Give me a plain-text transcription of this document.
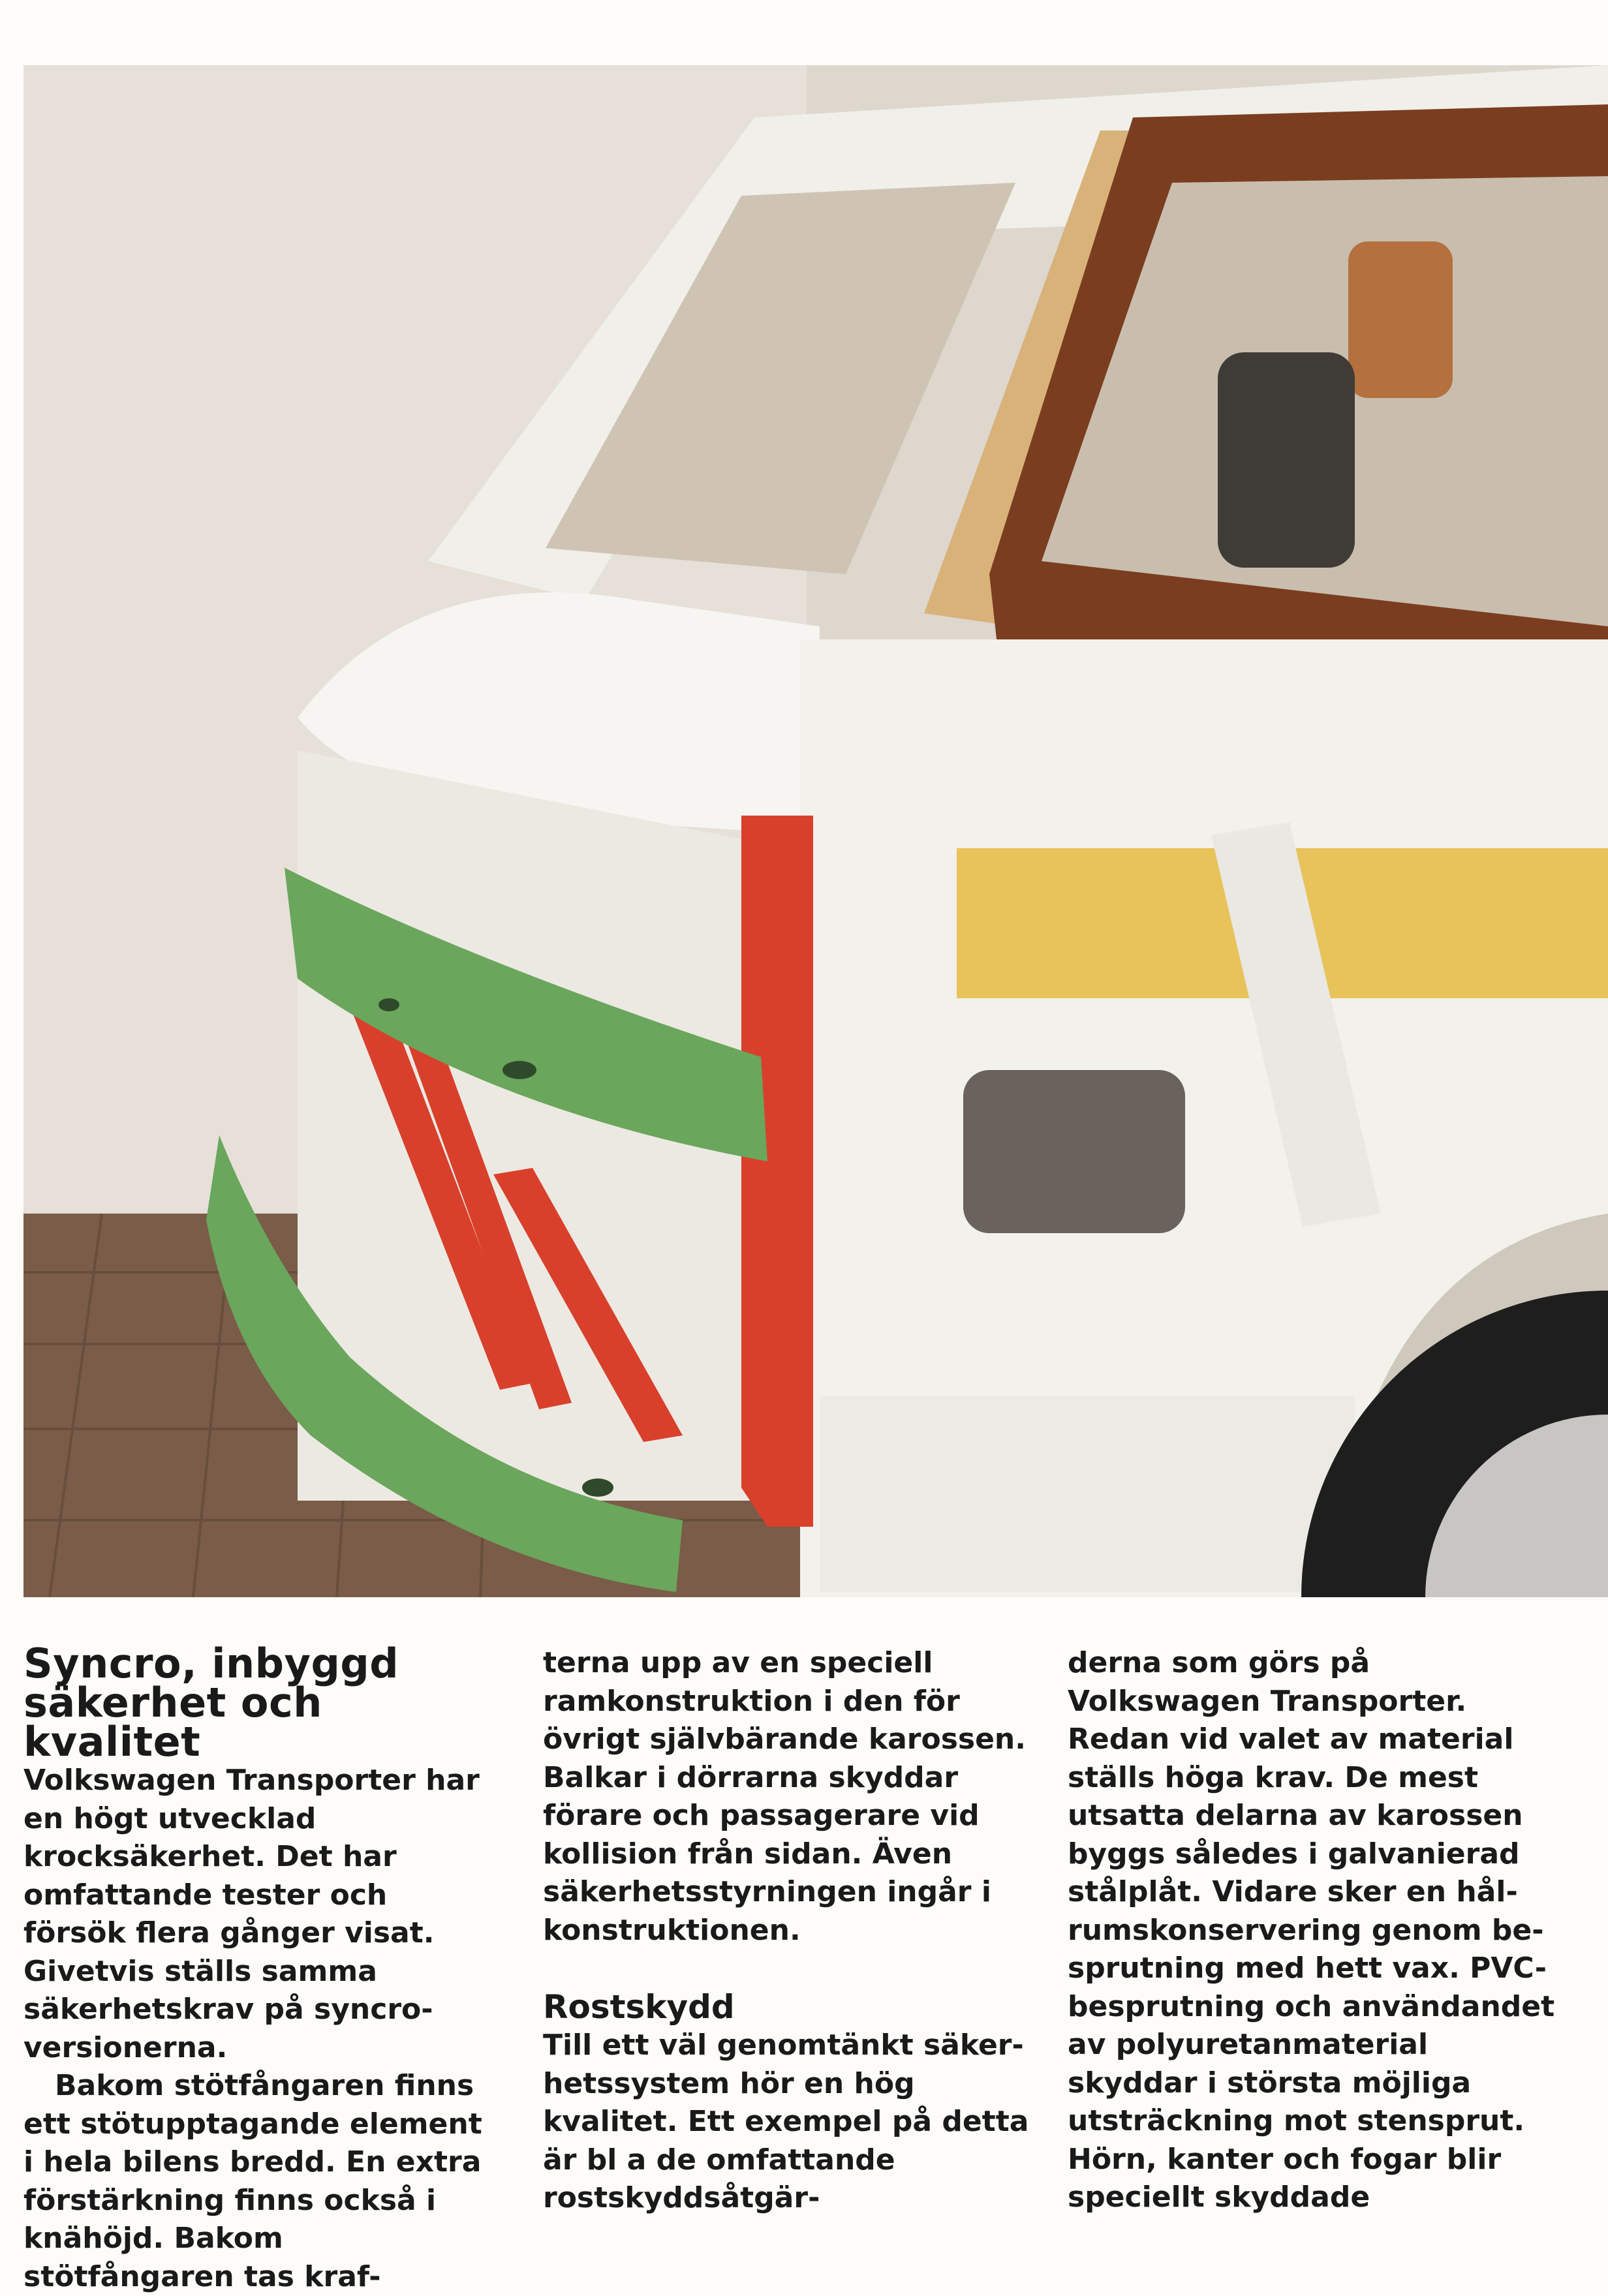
Syncro, inbyggd
säkerhet och kvalitet

Volkswagen Transporter har en högt utvecklad krocksäkerhet. Det har omfattande tester och försök flera gånger visat. Givetvis ställs samma säkerhetskrav på syncro-versionerna.

Bakom stötfångaren finns ett stötupptagande element i hela bilens bredd. En extra förstärkning finns också i knähöjd. Bakom stötfångaren tas kraf-

terna upp av en speciell ramkonstruktion i den för övrigt självbärande karossen. Balkar i dörrarna skyddar förare och passagerare vid kollision från sidan. Även säkerhetsstyrningen ingår i konstruktionen.

Rostskydd

Till ett väl genomtänkt säkerhetssystem hör en hög kvalitet. Ett exempel på detta är bl a de omfattande rostskyddsåtgär-

derna som görs på Volkswagen Transporter. Redan vid valet av material ställs höga krav. De mest utsatta delarna av karossen byggs således i galvanierad stålplåt. Vidare sker en hålrumskonservering genom besprutning med hett vax. PVC-besprutning och användandet av polyuretanmaterial skyddar i största möjliga utsträckning mot stensprut. Hörn, kanter och fogar blir speciellt skyddade
